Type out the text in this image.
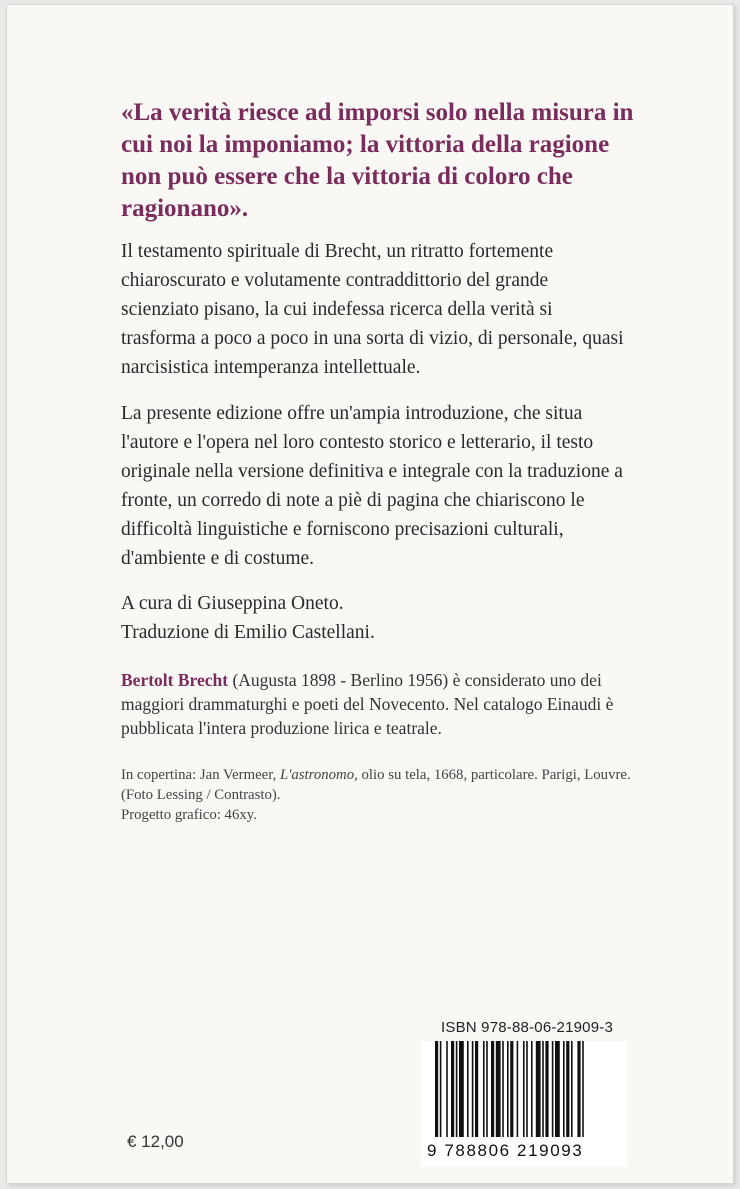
«La verità riesce ad imporsi solo nella misura in cui noi la imponiamo; la vittoria della ragione non può essere che la vittoria di coloro che ragionano».

Il testamento spirituale di Brecht, un ritratto fortemente chiaroscurato e volutamente contraddittorio del grande scienziato pisano, la cui indefessa ricerca della verità si trasforma a poco a poco in una sorta di vizio, di personale, quasi narcisistica intemperanza intellettuale.

La presente edizione offre un'ampia introduzione, che situa l'autore e l'opera nel loro contesto storico e letterario, il testo originale nella versione definitiva e integrale con la traduzione a fronte, un corredo di note a piè di pagina che chiariscono le difficoltà linguistiche e forniscono precisazioni culturali, d'ambiente e di costume.

A cura di Giuseppina Oneto.
Traduzione di Emilio Castellani.

Bertolt Brecht (Augusta 1898 - Berlino 1956) è considerato uno dei maggiori drammaturghi e poeti del Novecento. Nel catalogo Einaudi è pubblicata l'intera produzione lirica e teatrale.

In copertina: Jan Vermeer, L'astronomo, olio su tela, 1668, particolare. Parigi, Louvre. (Foto Lessing / Contrasto).
Progetto grafico: 46xy.

ISBN 978-88-06-21909-3
9 788806 219093
€ 12,00
